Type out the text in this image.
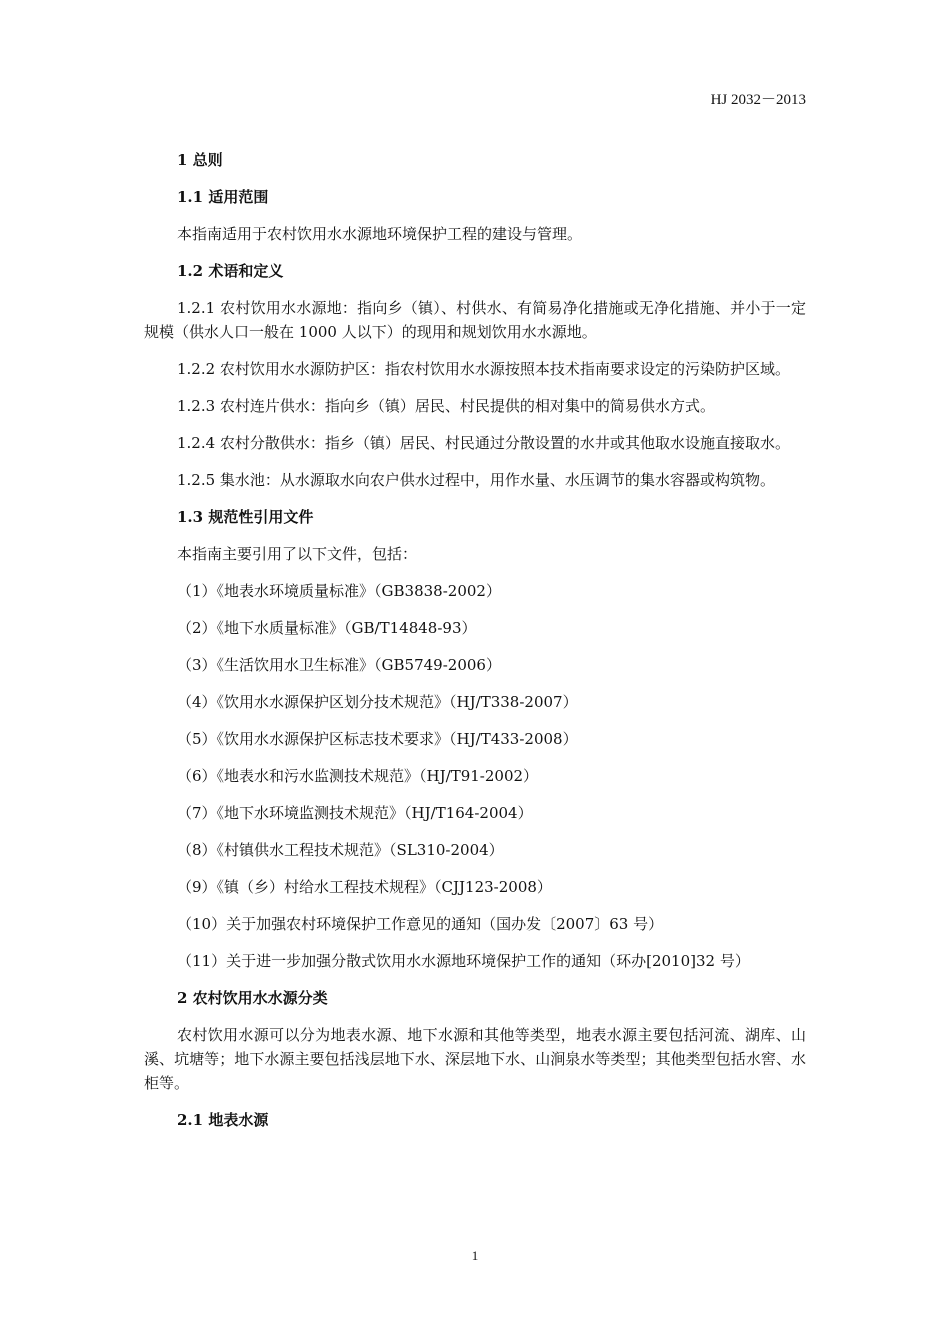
HJ 2032－2013
1 总则
1.1 适用范围
本指南适用于农村饮用水水源地环境保护工程的建设与管理。
1.2 术语和定义
1.2.1 农村饮用水水源地：指向乡（镇）、村供水、有简易净化措施或无净化措施、并小于一定规模（供水人口一般在 1000 人以下）的现用和规划饮用水水源地。
1.2.2 农村饮用水水源防护区：指农村饮用水水源按照本技术指南要求设定的污染防护区域。
1.2.3 农村连片供水：指向乡（镇）居民、村民提供的相对集中的简易供水方式。
1.2.4 农村分散供水：指乡（镇）居民、村民通过分散设置的水井或其他取水设施直接取水。
1.2.5 集水池：从水源取水向农户供水过程中，用作水量、水压调节的集水容器或构筑物。
1.3 规范性引用文件
本指南主要引用了以下文件，包括：
（1）《地表水环境质量标准》（GB3838-2002）
（2）《地下水质量标准》（GB/T14848-93）
（3）《生活饮用水卫生标准》（GB5749-2006）
（4）《饮用水水源保护区划分技术规范》（HJ/T338-2007）
（5）《饮用水水源保护区标志技术要求》（HJ/T433-2008）
（6）《地表水和污水监测技术规范》（HJ/T91-2002）
（7）《地下水环境监测技术规范》（HJ/T164-2004）
（8）《村镇供水工程技术规范》（SL310-2004）
（9）《镇（乡）村给水工程技术规程》（CJJ123-2008）
（10）关于加强农村环境保护工作意见的通知（国办发〔2007〕63 号）
（11）关于进一步加强分散式饮用水水源地环境保护工作的通知（环办[2010]32 号）
2 农村饮用水水源分类
农村饮用水源可以分为地表水源、地下水源和其他等类型，地表水源主要包括河流、湖库、山溪、坑塘等；地下水源主要包括浅层地下水、深层地下水、山涧泉水等类型；其他类型包括水窖、水柜等。
2.1 地表水源
1
